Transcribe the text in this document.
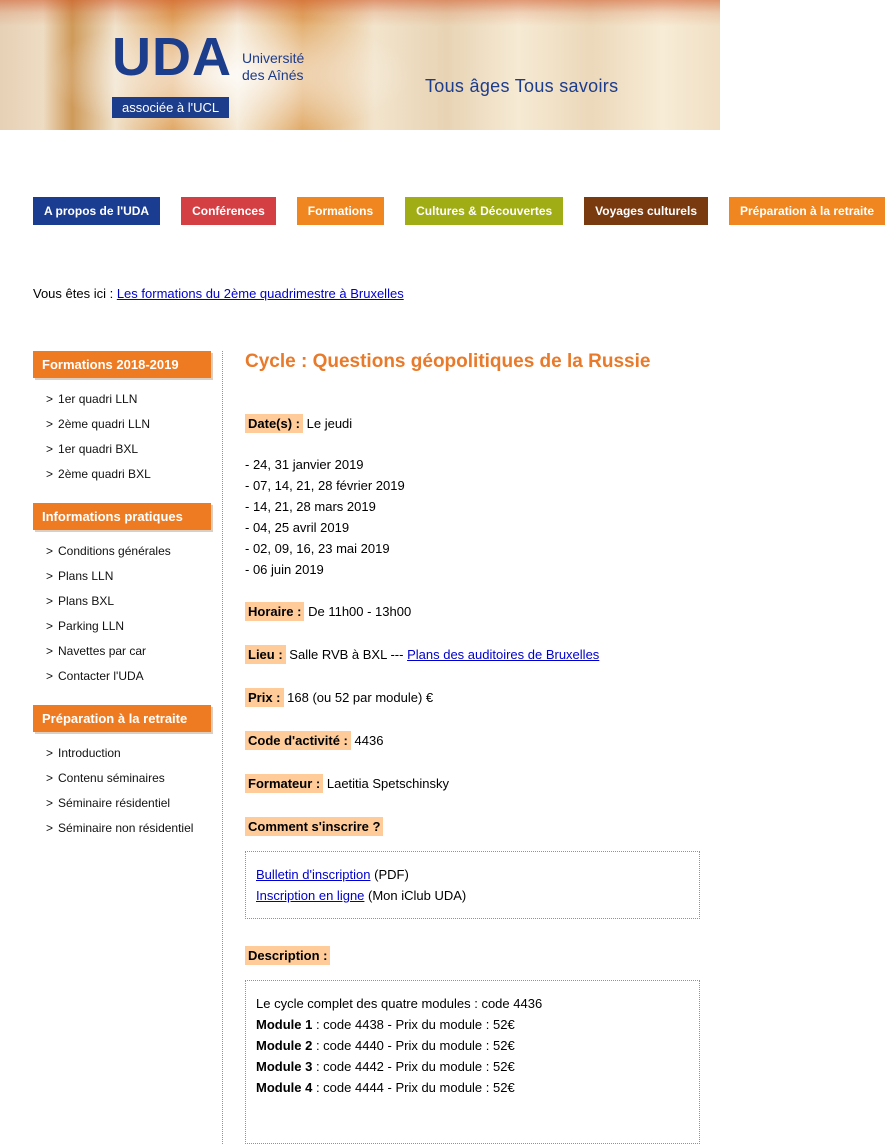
UDA Université
des Aînés
associée à l'UCL
Tous âges Tous savoirs
A propos de l'UDA	Conférences	Formations	Cultures & Découvertes	Voyages culturels	Préparation à la retraite
Vous êtes ici : Les formations du 2ème quadrimestre à Bruxelles
Formations 2018-2019
> 1er quadri LLN
> 2ème quadri LLN
> 1er quadri BXL
> 2ème quadri BXL
Informations pratiques
> Conditions générales
> Plans LLN
> Plans BXL
> Parking LLN
> Navettes par car
> Contacter l'UDA
Préparation à la retraite
> Introduction
> Contenu séminaires
> Séminaire résidentiel
> Séminaire non résidentiel
Cycle : Questions géopolitiques de la Russie

Date(s) : Le jeudi

- 24, 31 janvier 2019
- 07, 14, 21, 28 février 2019
- 14, 21, 28 mars 2019
- 04, 25 avril 2019
- 02, 09, 16, 23 mai 2019
- 06 juin 2019

Horaire : De 11h00 - 13h00

Lieu : Salle RVB à BXL --- Plans des auditoires de Bruxelles

Prix : 168 (ou 52 par module) €

Code d'activité : 4436

Formateur : Laetitia Spetschinsky

Comment s'inscrire ?

Bulletin d'inscription (PDF)
Inscription en ligne (Mon iClub UDA)

Description :

Le cycle complet des quatre modules : code 4436
Module 1 : code 4438 - Prix du module : 52€
Module 2 : code 4440 - Prix du module : 52€
Module 3 : code 4442 - Prix du module : 52€
Module 4 : code 4444 - Prix du module : 52€
